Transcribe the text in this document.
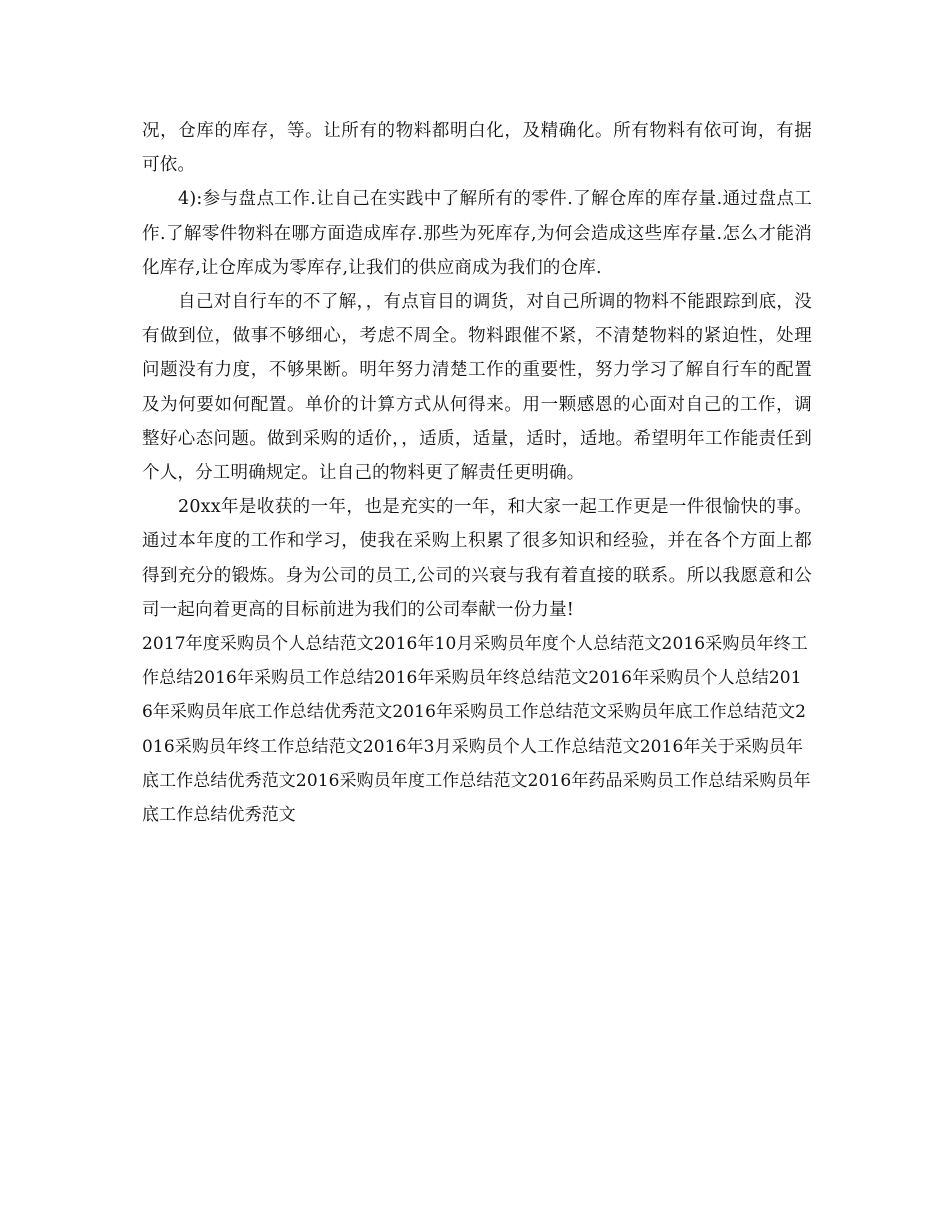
况，仓库的库存，等。让所有的物料都明白化，及精确化。所有物料有依可询，有据可依。

4):参与盘点工作.让自己在实践中了解所有的零件.了解仓库的库存量.通过盘点工作.了解零件物料在哪方面造成库存.那些为死库存,为何会造成这些库存量.怎么才能消化库存,让仓库成为零库存,让我们的供应商成为我们的仓库.

自己对自行车的不了解，，有点盲目的调货，对自己所调的物料不能跟踪到底，没有做到位，做事不够细心，考虑不周全。物料跟催不紧，不清楚物料的紧迫性，处理问题没有力度，不够果断。明年努力清楚工作的重要性，努力学习了解自行车的配置及为何要如何配置。单价的计算方式从何得来。用一颗感恩的心面对自己的工作，调整好心态问题。做到采购的适价，，适质，适量，适时，适地。希望明年工作能责任到个人，分工明确规定。让自己的物料更了解责任更明确。

20xx年是收获的一年，也是充实的一年，和大家一起工作更是一件很愉快的事。通过本年度的工作和学习，使我在采购上积累了很多知识和经验，并在各个方面上都得到充分的锻炼。身为公司的员工,公司的兴衰与我有着直接的联系。所以我愿意和公司一起向着更高的目标前进为我们的公司奉献一份力量!

2017年度采购员个人总结范文2016年10月采购员年度个人总结范文2016采购员年终工作总结2016年采购员工作总结2016年采购员年终总结范文2016年采购员个人总结2016年采购员年底工作总结优秀范文2016年采购员工作总结范文采购员年底工作总结范文2016采购员年终工作总结范文2016年3月采购员个人工作总结范文2016年关于采购员年底工作总结优秀范文2016采购员年度工作总结范文2016年药品采购员工作总结采购员年底工作总结优秀范文
